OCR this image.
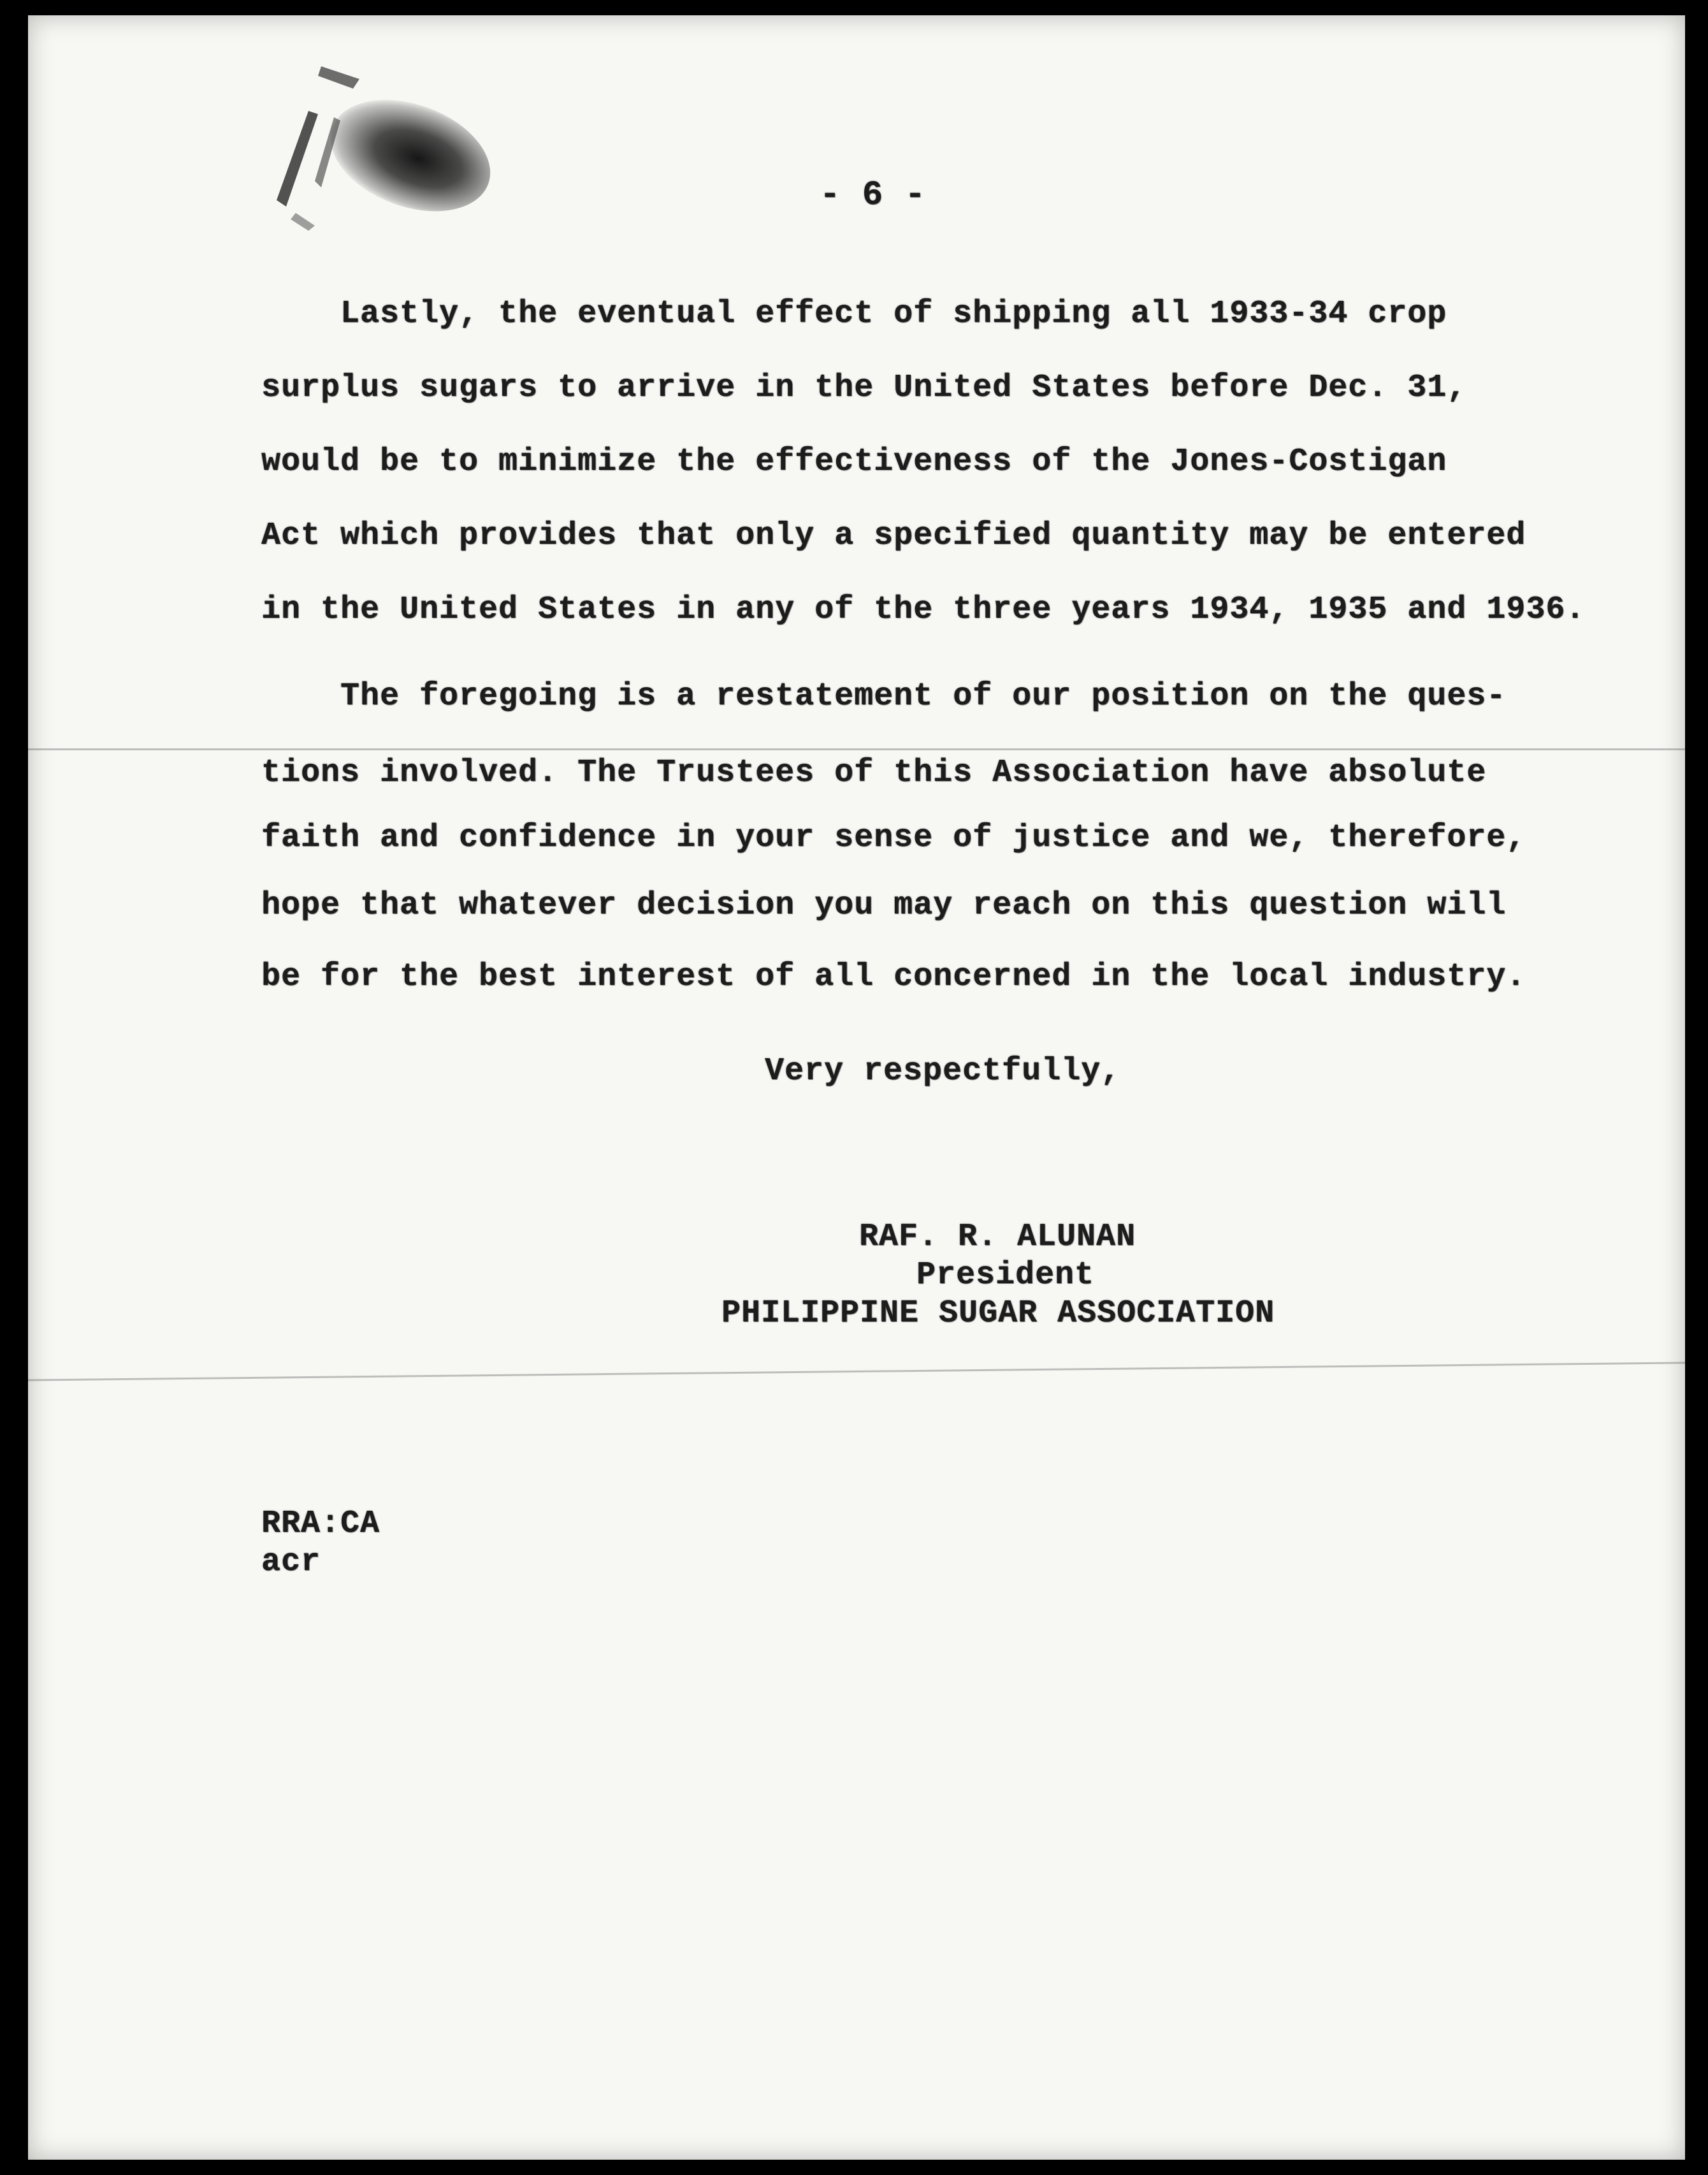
- 6 -
Lastly, the eventual effect of shipping all 1933-34 crop
surplus sugars to arrive in the United States before Dec. 31,
would be to minimize the effectiveness of the Jones-Costigan
Act which provides that only a specified quantity may be entered
in the United States in any of the three years 1934, 1935 and 1936.
The foregoing is a restatement of our position on the ques-
tions involved. The Trustees of this Association have absolute
faith and confidence in your sense of justice and we, therefore,
hope that whatever decision you may reach on this question will
be for the best interest of all concerned in the local industry.
Very respectfully,
RAF. R. ALUNAN
President
PHILIPPINE SUGAR ASSOCIATION
RRA:CA
acr
